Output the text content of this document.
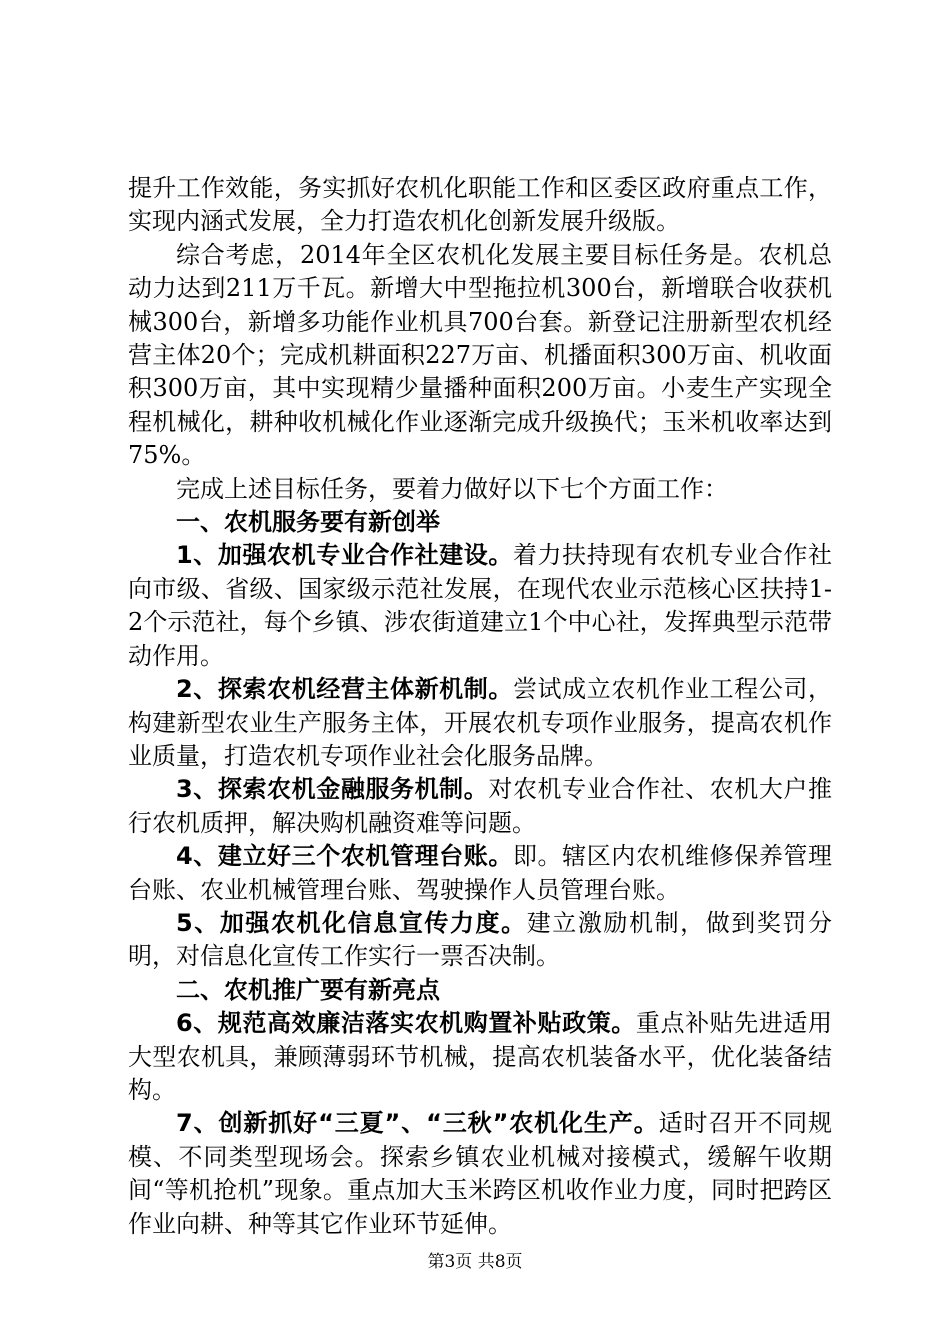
提升工作效能，务实抓好农机化职能工作和区委区政府重点工作，实现内涵式发展，全力打造农机化创新发展升级版。

综合考虑，2014年全区农机化发展主要目标任务是。农机总动力达到211万千瓦。新增大中型拖拉机300台，新增联合收获机械300台，新增多功能作业机具700台套。新登记注册新型农机经营主体20个；完成机耕面积227万亩、机播面积300万亩、机收面积300万亩，其中实现精少量播种面积200万亩。小麦生产实现全程机械化，耕种收机械化作业逐渐完成升级换代；玉米机收率达到75%。

完成上述目标任务，要着力做好以下七个方面工作：

一、农机服务要有新创举

1、加强农机专业合作社建设。着力扶持现有农机专业合作社向市级、省级、国家级示范社发展，在现代农业示范核心区扶持1-2个示范社，每个乡镇、涉农街道建立1个中心社，发挥典型示范带动作用。

2、探索农机经营主体新机制。尝试成立农机作业工程公司，构建新型农业生产服务主体，开展农机专项作业服务，提高农机作业质量，打造农机专项作业社会化服务品牌。

3、探索农机金融服务机制。对农机专业合作社、农机大户推行农机质押，解决购机融资难等问题。

4、建立好三个农机管理台账。即。辖区内农机维修保养管理台账、农业机械管理台账、驾驶操作人员管理台账。

5、加强农机化信息宣传力度。建立激励机制，做到奖罚分明，对信息化宣传工作实行一票否决制。

二、农机推广要有新亮点

6、规范高效廉洁落实农机购置补贴政策。重点补贴先进适用大型农机具，兼顾薄弱环节机械，提高农机装备水平，优化装备结构。

7、创新抓好“三夏”、“三秋”农机化生产。适时召开不同规模、不同类型现场会。探索乡镇农业机械对接模式，缓解午收期间“等机抢机”现象。重点加大玉米跨区机收作业力度，同时把跨区作业向耕、种等其它作业环节延伸。

第3页 共8页
